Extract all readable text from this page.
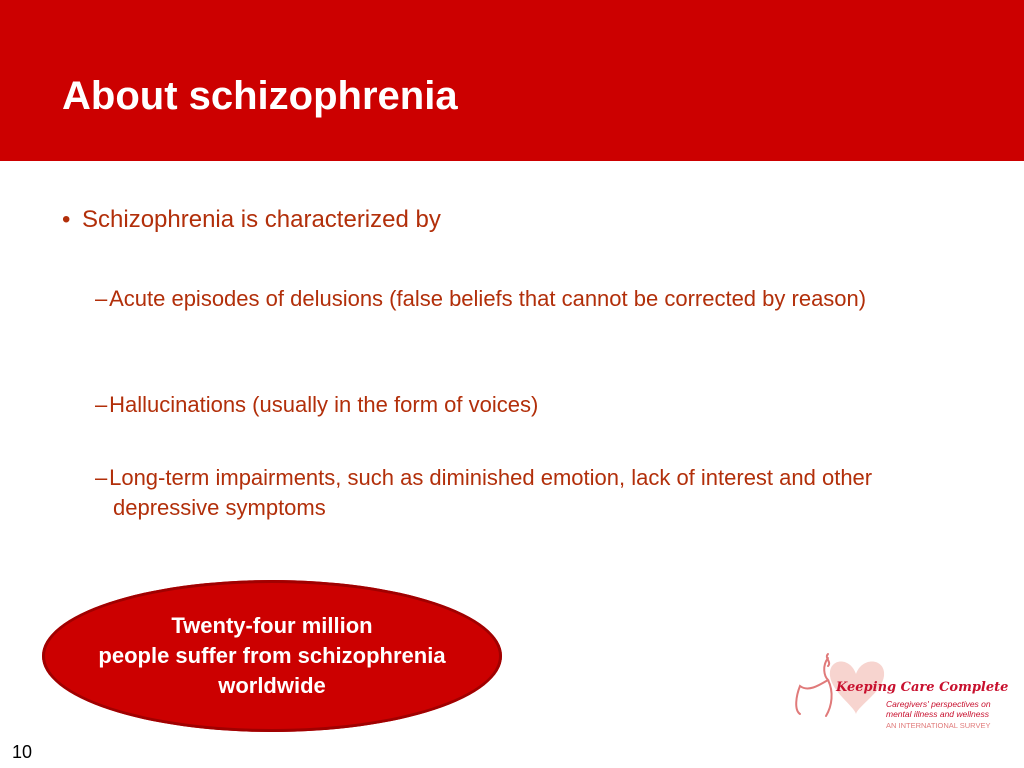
About schizophrenia
• Schizophrenia is characterized by
– Acute episodes of delusions (false beliefs that cannot be corrected by reason)
– Hallucinations (usually in the form of voices)
– Long-term impairments, such as diminished emotion, lack of interest and other depressive symptoms
Twenty-four million
people suffer from schizophrenia
worldwide
10
Keeping Care Complete
Caregivers' perspectives on
mental illness and wellness
AN INTERNATIONAL SURVEY
